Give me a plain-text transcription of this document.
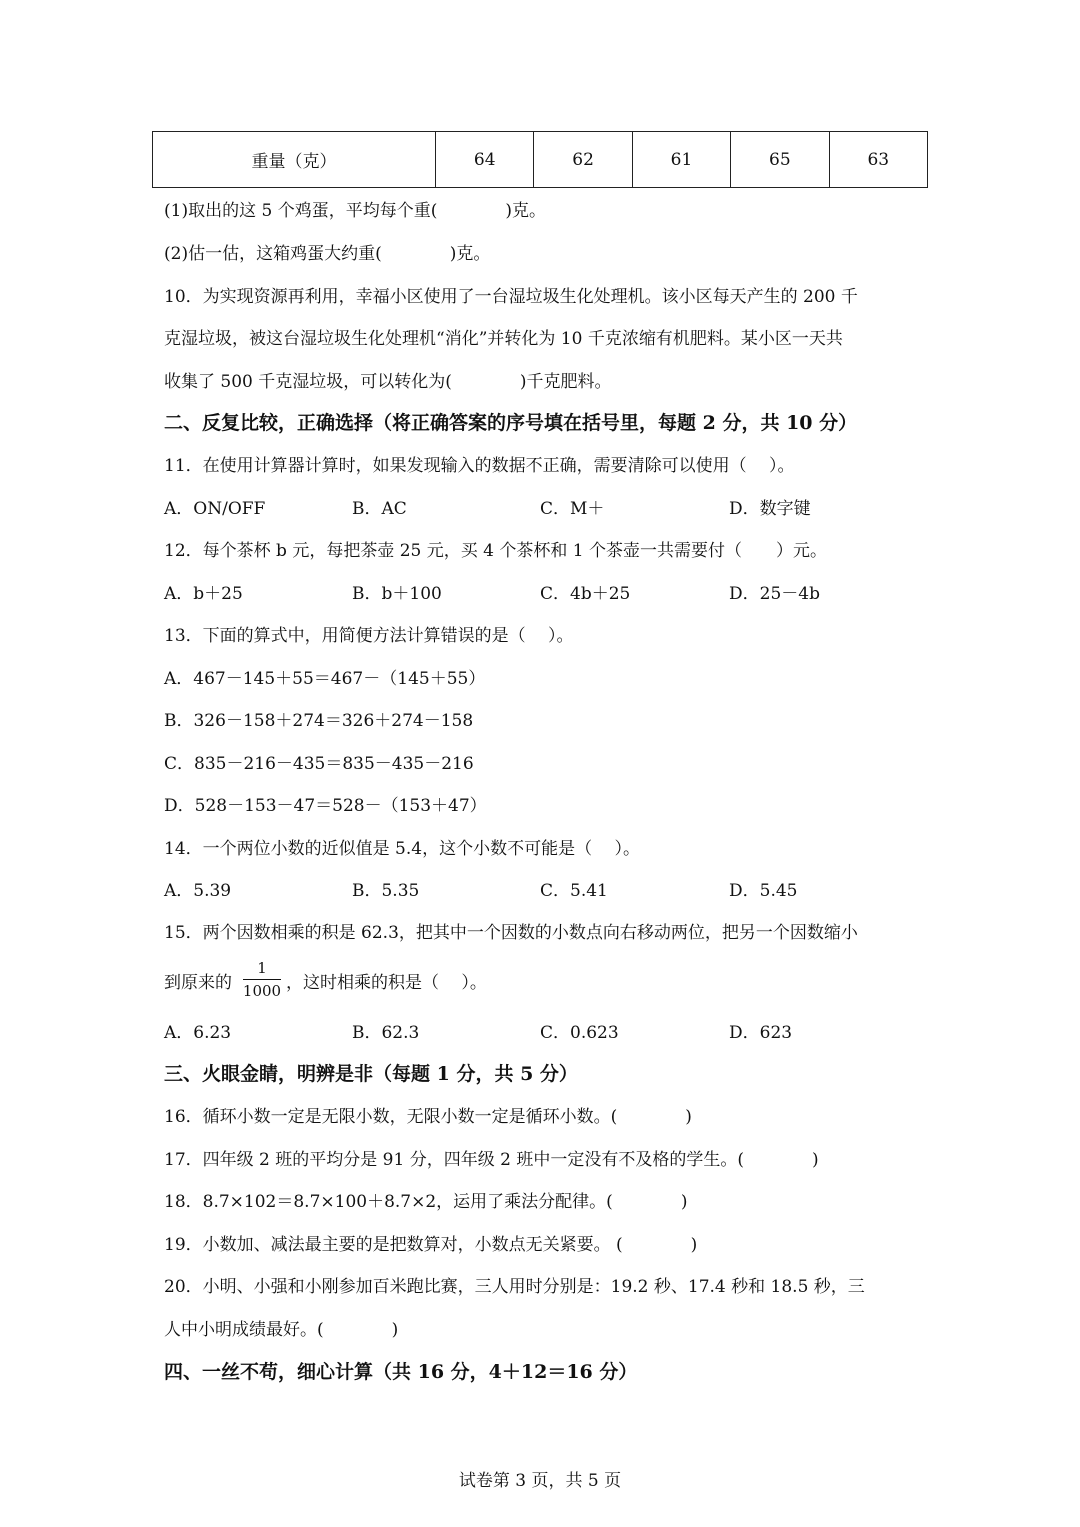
重量（克）	64	62	61	65	63
(1)取出的这 5 个鸡蛋，平均每个重(　　　　)克。
(2)估一估，这箱鸡蛋大约重(　　　　)克。
10．为实现资源再利用，幸福小区使用了一台湿垃圾生化处理机。该小区每天产生的 200 千
克湿垃圾，被这台湿垃圾生化处理机“消化”并转化为 10 千克浓缩有机肥料。某小区一天共
收集了 500 千克湿垃圾，可以转化为(　　　　)千克肥料。
二、反复比较，正确选择（将正确答案的序号填在括号里，每题 2 分，共 10 分）
11．在使用计算器计算时，如果发现输入的数据不正确，需要清除可以使用（　 ）。
A．ON/OFF	B．AC	C．M＋	D．数字键
12．每个茶杯 b 元，每把茶壶 25 元，买 4 个茶杯和 1 个茶壶一共需要付（　　）元。
A．b＋25	B．b＋100	C．4b＋25	D．25－4b
13．下面的算式中，用简便方法计算错误的是（　 ）。
A．467－145＋55＝467－（145＋55）
B．326－158＋274＝326＋274－158
C．835－216－435＝835－435－216
D．528－153－47＝528－（153＋47）
14．一个两位小数的近似值是 5.4，这个小数不可能是（　 ）。
A．5.39	B．5.35	C．5.41	D．5.45
15．两个因数相乘的积是 62.3，把其中一个因数的小数点向右移动两位，把另一个因数缩小
到原来的
1
1000 ，这时相乘的积是（　 ）。
A．6.23	B．62.3	C．0.623	D．623
三、火眼金睛，明辨是非（每题 1 分，共 5 分）
16．循环小数一定是无限小数，无限小数一定是循环小数。(　　　　)
17．四年级 2 班的平均分是 91 分，四年级 2 班中一定没有不及格的学生。(　　　　)
18．8.7×102＝8.7×100＋8.7×2，运用了乘法分配律。(　　　　)
19．小数加、减法最主要的是把数算对，小数点无关紧要。 (　　　　)
20．小明、小强和小刚参加百米跑比赛，三人用时分别是：19.2 秒、17.4 秒和 18.5 秒，三
人中小明成绩最好。(　　　　)
四、一丝不苟，细心计算（共 16 分，4＋12＝16 分）
试卷第 3 页，共 5 页
